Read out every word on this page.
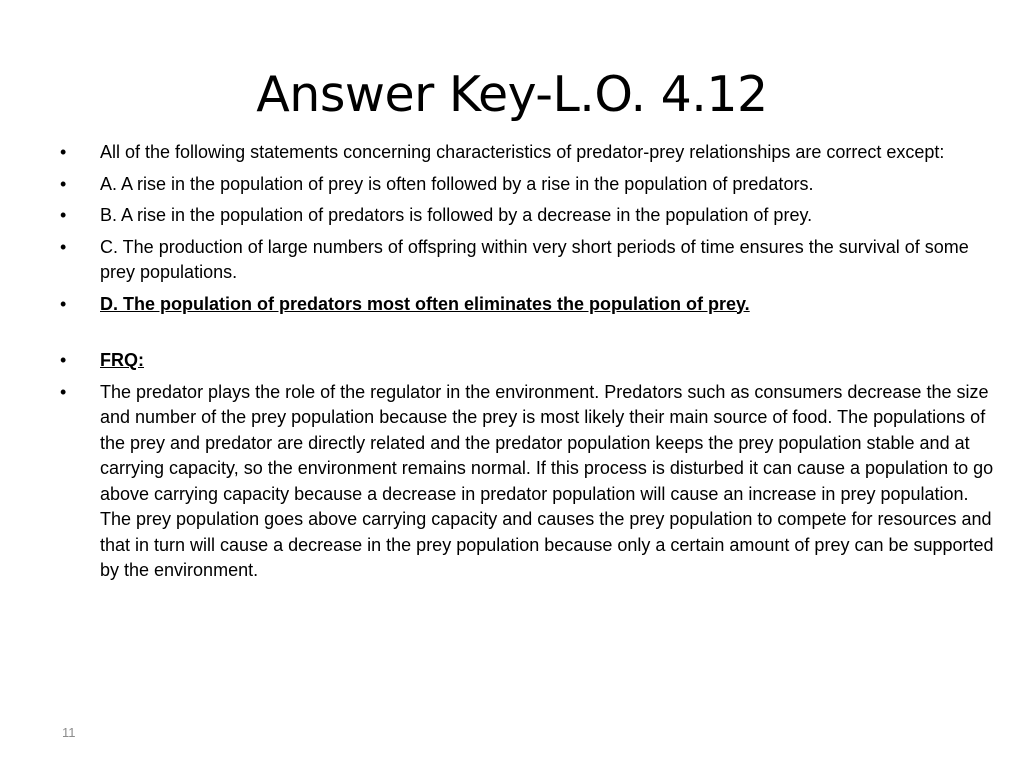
Answer Key-L.O. 4.12
•	All of the following statements concerning characteristics of predator-prey relationships are correct except:
•	A. A rise in the population of prey is often followed by a rise in the population of predators.
•	B. A rise in the population of predators is followed by a decrease in the population of prey.
•	C. The production of large numbers of offspring within very short periods of time ensures the survival of some prey populations.
•	D. The population of predators most often eliminates the population of prey.
•	FRQ:
•	The predator plays the role of the regulator in the environment. Predators such as consumers decrease the size and number of the prey population because the prey is most likely their main source of food. The populations of the prey and predator are directly related and the predator population keeps the prey population stable and at carrying capacity, so the environment remains normal. If this process is disturbed it can cause a population to go above carrying capacity because a decrease in predator population will cause an increase in prey population. The prey population goes above carrying capacity and causes the prey population to compete for resources and that in turn will cause a decrease in the prey population because only a certain amount of prey can be supported by the environment.
11
